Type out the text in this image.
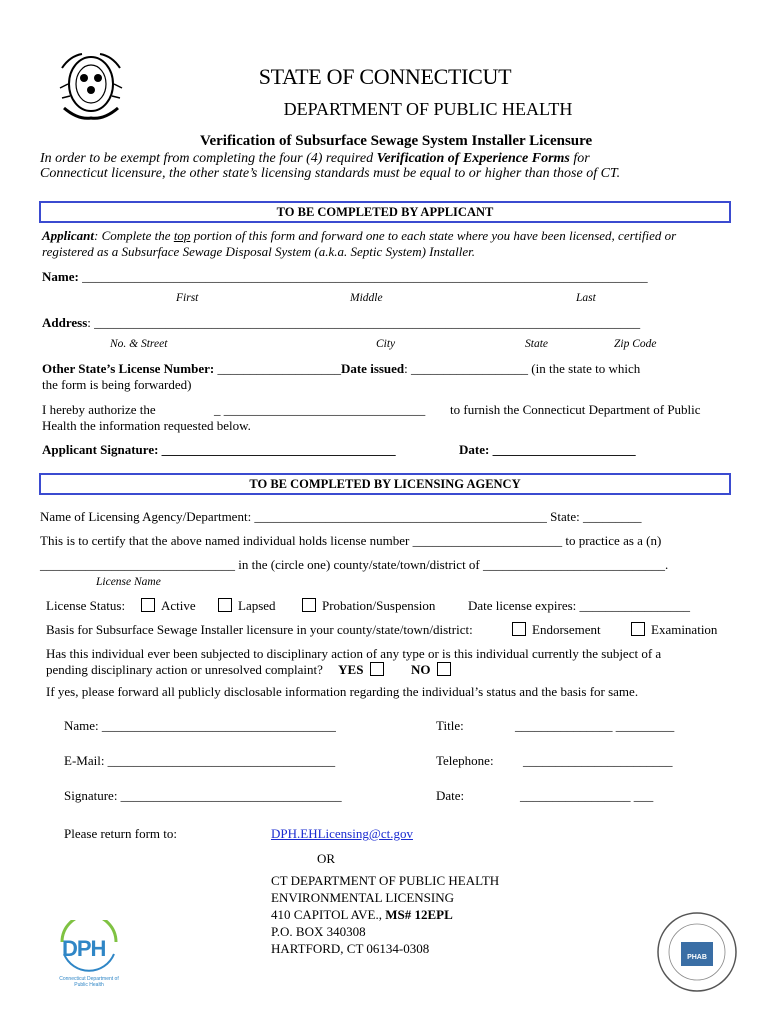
STATE OF CONNECTICUT
DEPARTMENT OF PUBLIC HEALTH
Verification of Subsurface Sewage System Installer Licensure
In order to be exempt from completing the four (4) required Verification of Experience Forms for
Connecticut licensure, the other state’s licensing standards must be equal to or higher than those of CT.
TO BE COMPLETED BY APPLICANT
Applicant: Complete the top portion of this form and forward one to each state where you have been licensed, certified or
registered as a Subsurface Sewage Disposal System (a.k.a. Septic System) Installer.
Name: _______________________________________________________________________________________
First	Middle	Last
Address: ____________________________________________________________________________________
No. & Street	City	State	Zip Code
Other State’s License Number: ___________________Date issued: __________________ (in the state to which
the form is being forwarded)
I hereby authorize the	_ _______________________________ to furnish the Connecticut Department of Public
Health the information requested below.
Applicant Signature: ____________________________________	Date: ______________________
TO BE COMPLETED BY LICENSING AGENCY
Name of Licensing Agency/Department: _____________________________________________ State: _________
This is to certify that the above named individual holds license number _______________________ to practice as a (n)
______________________________ in the (circle one) county/state/town/district of ____________________________.
License Name
License Status:	Active	Lapsed	Probation/Suspension	Date license expires: _________________
Basis for Subsurface Sewage Installer licensure in your county/state/town/district:	Endorsement	Examination
Has this individual ever been subjected to disciplinary action of any type or is this individual currently the subject of a
pending disciplinary action or unresolved complaint? YES	NO
If yes, please forward all publicly disclosable information regarding the individual’s status and the basis for same.
Name: ____________________________________	Title:	_______________ _________
E-Mail: ___________________________________	Telephone: _______________________
Signature: __________________________________	Date:	_________________ ___
Please return form to:	DPH.EHLicensing@ct.gov
OR
CT DEPARTMENT OF PUBLIC HEALTH
ENVIRONMENTAL LICENSING
410 CAPITOL AVE., MS# 12EPL
P.O. BOX 340308
HARTFORD, CT 06134-0308
DPH
Connecticut Department of Public Health
PHAB
